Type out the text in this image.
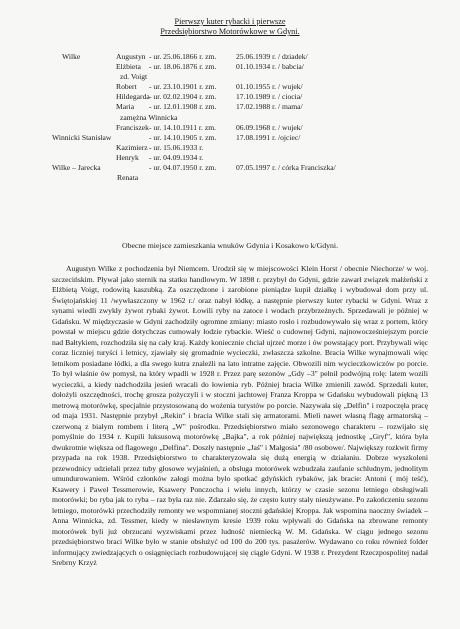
Pierwszy kuter rybacki i pierwsze
Przedsiębiorstwo Motorówkowe w Gdyni.

Wilke	Augustyn - ur. 25.06.1866 r. zm.	25.06.1939 r. / dziadek/
Elżbieta - ur. 18.06.1876 r. zm.	01.10.1934 r. / babcia/
zd. Voigt
Robert - ur. 23.10.1901 r. zm.	01.10.1955 r. / wujek/
Hildegarda - ur. 02.02.1904 r. zm.	17.10.1989 r. / ciocia/
Maria - ur. 12.01.1908 r. zm.	17.02.1988 r. / mama/
zamężna Winnicka
Franciszek - ur. 14.10.1911 r. zm.	06.09.1968 r. / wujek/
Winnicki Stanisław	- ur. 14.10.1905 r. zm.	17.08.1991 r. /ojciec/
Kazimierz - ur. 15.06.1933 r.
Henryk - ur. 04.09.1934 r.
Wilke – Jarecka	- ur. 04.07.1950 r. zm.	07.05.1997 r. / córka Franciszka/
Renata
Obecne miejsce zamieszkania wnuków Gdynia i Kosakowo k/Gdyni.
Augustyn Wilke z pochodzenia był Niemcem. Urodził się w miejscowości Klein Horst / obecnie Niechorze/ w woj. szczecińskim. Pływał jako sternik na statku handlowym. W 1898 r. przybył do Gdyni, gdzie zawarł związek małżeński z Elżbietą Voigt, rodowitą kaszubką. Za oszczędzone i zarobione pieniądze kupił działkę i wybudował dom przy ul. Świętojańskiej 11 /wywłaszczony w 1962 r./ oraz nabył łódkę, a następnie pierwszy kuter rybacki w Gdyni. Wraz z synami wiedli zwykły żywot rybaki żywot. Łowili ryby na zatoce i wodach przybrzeżnych. Sprzedawali je później w Gdańsku. W międzyczasie w Gdyni zachodziły ogromne zmiany: miasto rosło i rozbudowywało się wraz z portem, który powstał w miejscu gdzie dotychczas cumowały łodzie rybackie. Wieść o cudownej Gdyni, najnowocześniejszym porcie nad Bałtykiem, rozchodziła się na cały kraj. Każdy koniecznie chciał ujrzeć morze i ów powstający port. Przybywali więc coraz liczniej turyści i letnicy, zjawiały się gromadnie wycieczki, zwłaszcza szkolne. Bracia Wilke wynajmowali więc letnikom posiadane łódki, a dla swego kutra znaleźli na lato intratne zajęcie. Obwozili nim wycieczkowiczów po porcie. To był właśnie ów pomysł, na który wpadli w 1928 r. Przez parę sezonów „Gdy –3" pełnił podwójną rolę: latem wozili wycieczki, a kiedy nadchodziła jesień wracali do łowienia ryb. Później bracia Wilke zmienili zawód. Sprzedali kuter, dołożyli oszczędności, trochę grosza pożyczyli i w stoczni jachtowej Franza Kroppa w Gdańsku wybudowali piękną 13 metrową motorówkę, specjalnie przystosowaną do wożenia turystów po porcie. Nazywała się „Delfin" i rozpoczęła pracę od maja 1931. Następnie przybył „Rekin" i bracia Wilke stali się armatorami. Mieli nawet własną flagę armatorską – czerwoną z białym rombem i literą „W" pośrodku. Przedsiębiorstwo miało sezonowego charakteru – rozwijało się pomyślnie do 1934 r. Kupili luksusową motorówkę „Bajka", a rok później największą jednostkę „Gryf", która była dwukrotnie większa od flagowego „Delfina". Doszły następnie „Jaś" i Małgosia" /80 osobowe/. Największy rozkwit firmy przypada na rok 1938. Przedsiębiorstwo to charakteryzowała się dużą energią w działaniu. Dobrze wyszkoleni przewodnicy udzielali przez tuby głosowe wyjaśnień, a obsługa motorówek wzbudzała zaufanie schludnym, jednolitym umundurowaniem. Wśród członków załogi można było spotkać gdyńskich rybaków, jak bracie: Antoni ( mój teść), Ksawery i Paweł Tessmerowie, Ksawery Ponczocha i wielu innych, którzy w czasie sezonu letniego obsługiwali motorówki; bo ryba jak to ryba – raz była raz nie. Zdarzało się, że często kutry stały nieużywane. Po zakończeniu sezonu letniego, motorówki przechodziły remonty we wspomnianej stoczni gdańskiej Kroppa. Jak wspomina naoczny świadek – Anna Winnicka, zd. Tessmer, kiedy w niesławnym kresie 1939 roku wpływali do Gdańska na zbrowane remonty motorówek byli już obrzucani wyzwiskami przez ludność niemiecką W. M. Gdańska. W ciągu jednego sezonu przedsiębiorstwo braci Wilke było w stanie obsłużyć od 100 do 200 tys. pasażerów. Wydawano co roku również folder informujący zwiedzających o osiągnięciach rozbudowującej się ciągle Gdyni. W 1938 r. Prezydent Rzeczpospolitej nadał Srebrny Krzyż
